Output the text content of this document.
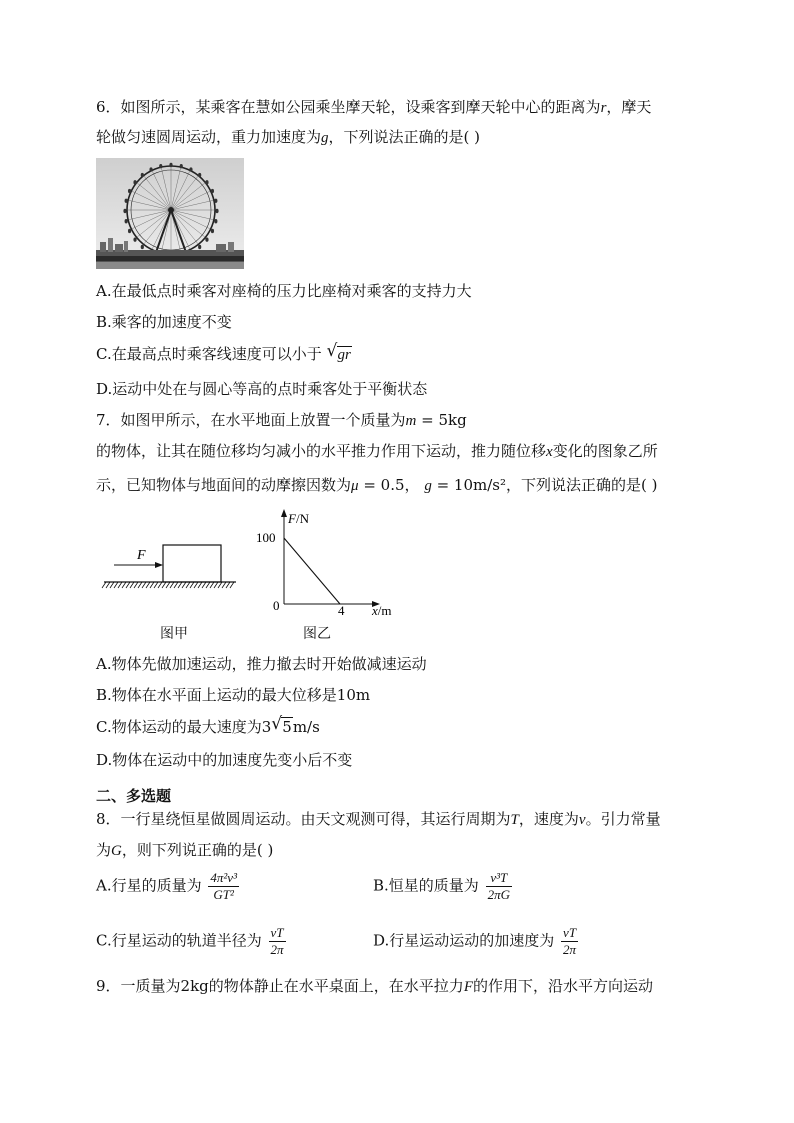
6．如图所示，某乘客在慧如公园乘坐摩天轮，设乘客到摩天轮中心的距离为r，摩天
轮做匀速圆周运动，重力加速度为g，下列说法正确的是( )
A.在最低点时乘客对座椅的压力比座椅对乘客的支持力大
B.乘客的加速度不变
C.在最高点时乘客线速度可以小于 √ gr
D.运动中处在与圆心等高的点时乘客处于平衡状态
7．如图甲所示，在水平地面上放置一个质量为m = 5kg
的物体，让其在随位移均匀减小的水平推力作用下运动，推力随位移x变化的图象乙所
示，已知物体与地面间的动摩擦因数为μ = 0.5， g = 10m/s²，下列说法正确的是( )
F
图甲
F/N
100
0	4 x/m
图乙
A.物体先做加速运动，推力撤去时开始做减速运动
B.物体在水平面上运动的最大位移是10m
C.物体运动的最大速度为3 √ 5m/s
D.物体在运动中的加速度先变小后不变
二、多选题
8．一行星绕恒星做圆周运动。由天文观测可得，其运行周期为T，速度为v。引力常量
为G，则下列说正确的是( )
A.行星的质量为 $\frac{\text{4π²v³}}{\text{GT²}}$	B.恒星的质量为 $\frac{\text{v³T}}{2\pi G}$
C.行星运动的轨道半径为 $\frac{vT}{2\pi}$	D.行星运动运动的加速度为 $\frac{vT}{2\pi}$
9．一质量为2kg的物体静止在水平桌面上，在水平拉力F的作用下，沿水平方向运动
